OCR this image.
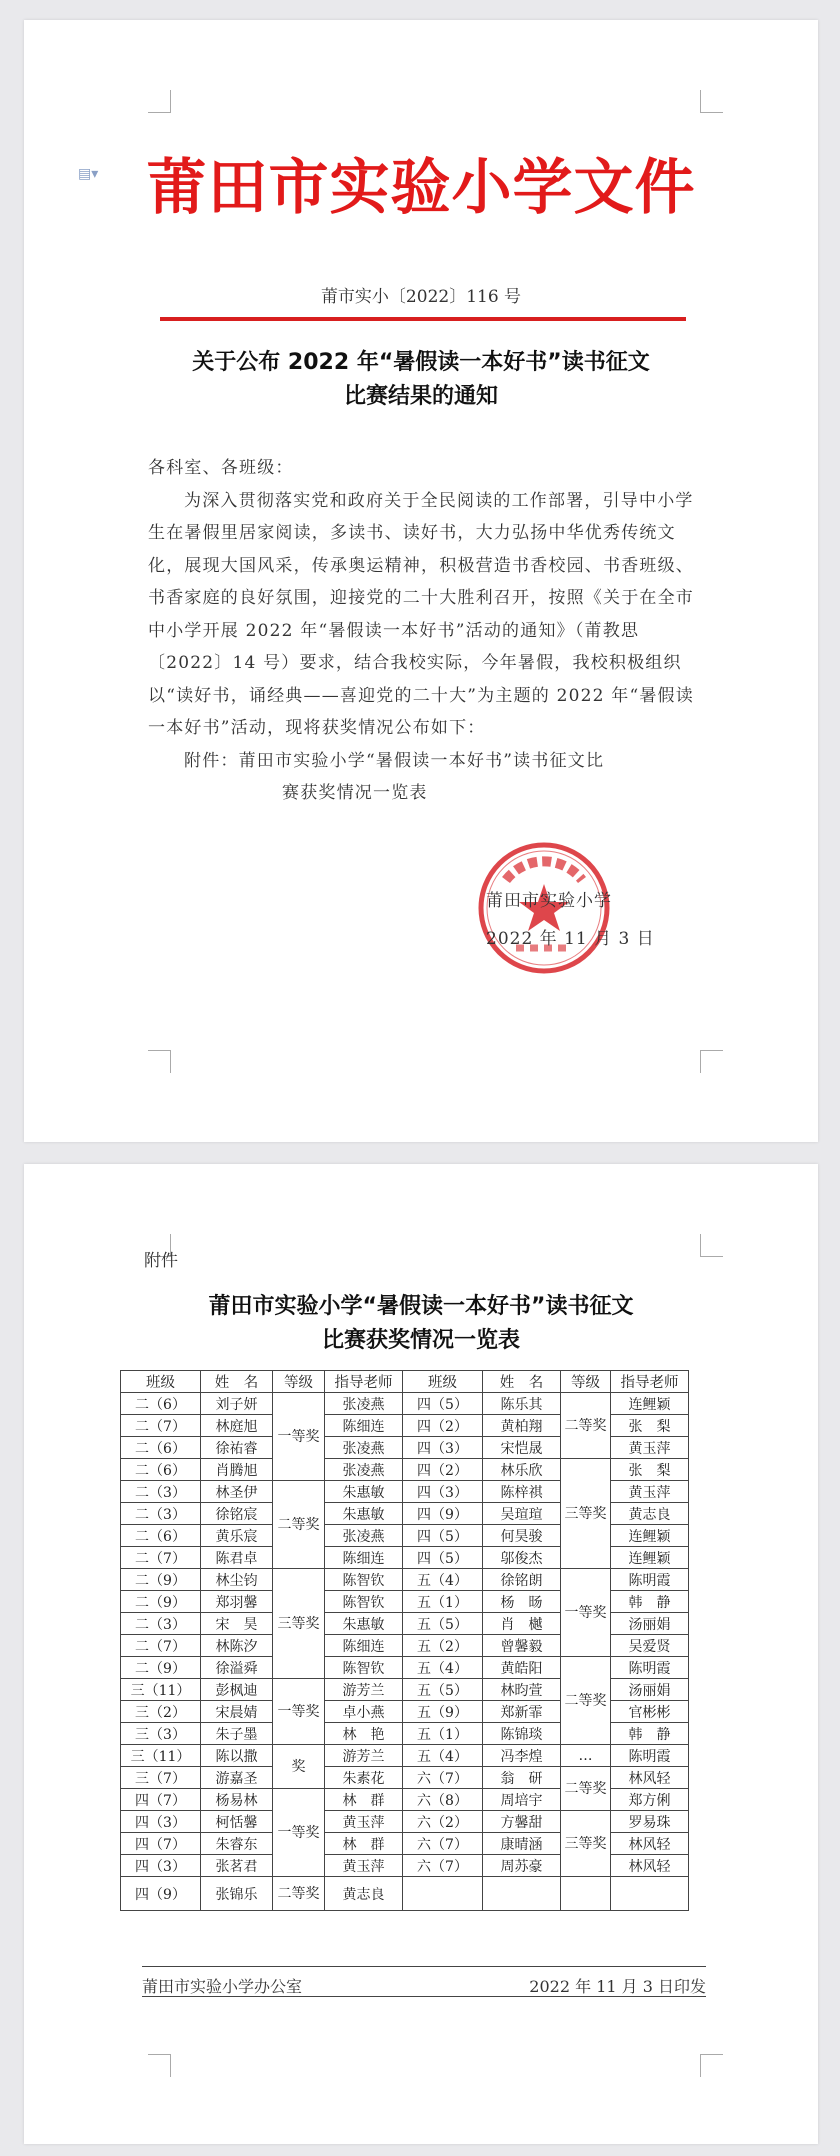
▤▾ 莆田市实验小学文件
莆市实小〔2022〕116 号
关于公布 2022 年“暑假读一本好书”读书征文
比赛结果的通知

各科室、各班级：

为深入贯彻落实党和政府关于全民阅读的工作部署，引导中小学生在暑假里居家阅读，多读书、读好书，大力弘扬中华优秀传统文化，展现大国风采，传承奥运精神，积极营造书香校园、书香班级、书香家庭的良好氛围，迎接党的二十大胜利召开，按照《关于在全市中小学开展 2022 年“暑假读一本好书”活动的通知》（莆教思〔2022〕14 号）要求，结合我校实际，今年暑假，我校积极组织以“读好书，诵经典——喜迎党的二十大”为主题的 2022 年“暑假读一本好书”活动，现将获奖情况公布如下：

附件：莆田市实验小学“暑假读一本好书”读书征文比

赛获奖情况一览表

莆田市实验小学
2022 年 11 月 3 日
附件
莆田市实验小学“暑假读一本好书”读书征文
比赛获奖情况一览表
班级	姓　名	等级	指导老师	班级	姓　名	等级	指导老师
二（6）	刘子妍	一等奖	张凌燕	四（5）	陈乐其	二等奖	连鲤颖
二（7）	林庭旭		陈细连	四（2）	黄柏翔		张　梨
二（6）	徐祐睿		张凌燕	四（3）	宋恺晟		黄玉萍
二（6）	肖腾旭		张凌燕	四（2）	林乐欣	三等奖	张　梨
二（3）	林圣伊	二等奖	朱惠敏	四（3）	陈梓祺		黄玉萍
二（3）	徐铭宸		朱惠敏	四（9）	吴瑄瑄		黄志良
二（6）	黄乐宸		张凌燕	四（5）	何昊骏		连鲤颖
二（7）	陈君卓		陈细连	四（5）	邬俊杰		连鲤颖
二（9）	林尘钧	三等奖	陈智钦	五（4）	徐铭朗	一等奖	陈明霞
二（9）	郑羽馨		陈智钦	五（1）	杨　旸		韩　静
二（3）	宋　昊		朱惠敏	五（5）	肖　樾		汤丽娟
二（7）	林陈汐		陈细连	五（2）	曾馨毅		吴爱贤
二（9）	徐溢舜		陈智钦	五（4）	黄皓阳	二等奖	陈明霞
三（11）	彭枫迪	一等奖	游芳兰	五（5）	林昀萱		汤丽娟
三（2）	宋晨婧		卓小燕	五（9）	郑新霏		官彬彬
三（3）	朱子墨		林　艳	五（1）	陈锦琰		韩　静
三（11）	陈以撒	奖	游芳兰	五（4）	冯李煌	…	陈明霞
三（7）	游嘉圣		朱素花	六（7）	翁　研	二等奖	林风轻
四（7）	杨易林	一等奖	林　群	六（8）	周培宇		郑方俐
四（3）	柯恬馨		黄玉萍	六（2）	方馨甜	三等奖	罗易珠
四（7）	朱睿东		林　群	六（7）	康晴涵		林风轻
四（3）	张茗君		黄玉萍	六（7）	周苏豪		林风轻
四（9）	张锦乐	二等奖	黄志良				
莆田市实验小学办公室	2022 年 11 月 3 日印发
